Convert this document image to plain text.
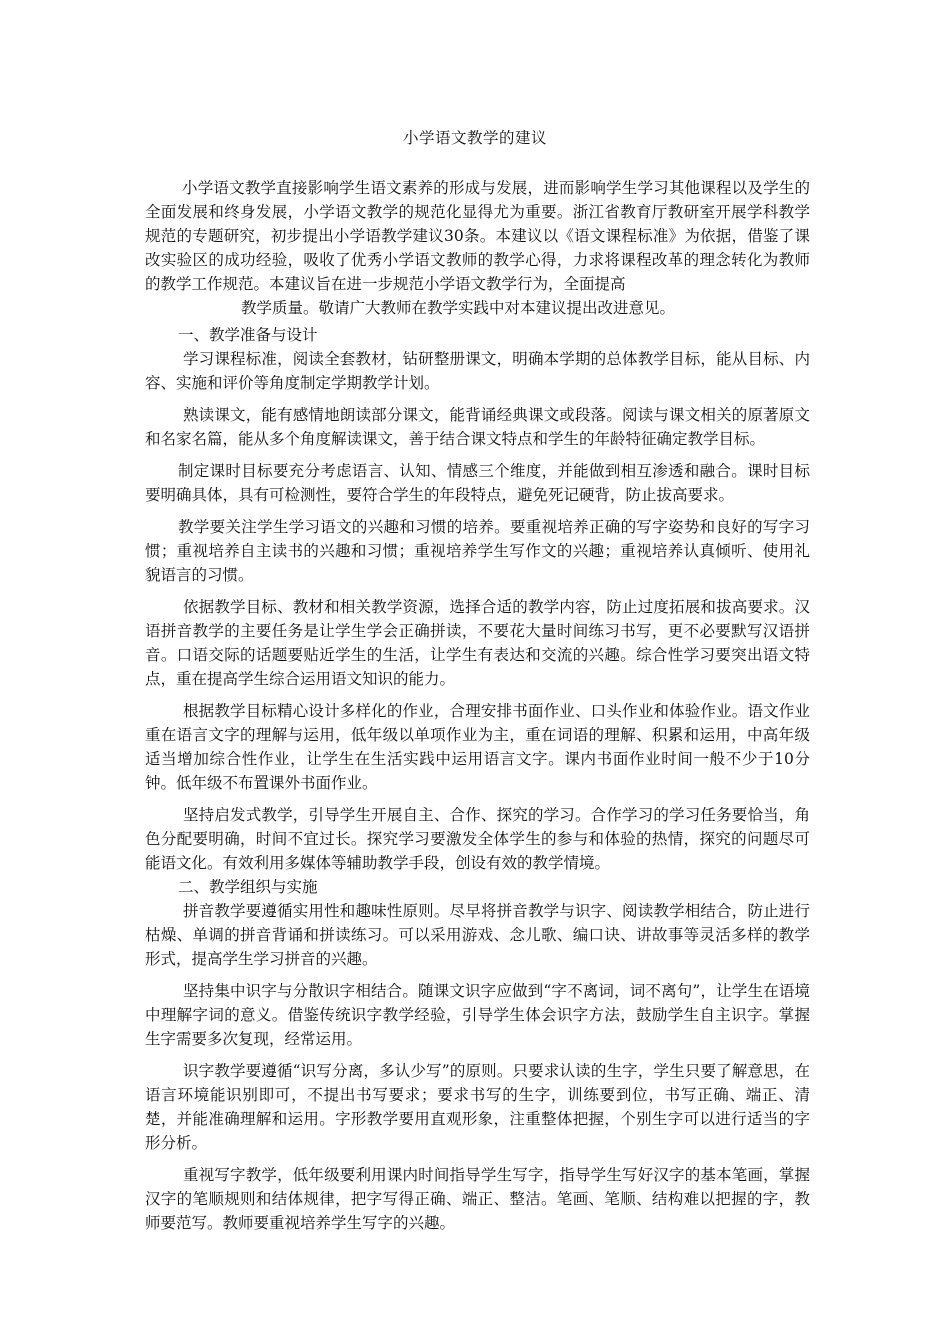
小学语文教学的建议

小学语文教学直接影响学生语文素养的形成与发展，进而影响学生学习其他课程以及学生的全面发展和终身发展，小学语文教学的规范化显得尤为重要。浙江省教育厅教研室开展学科教学规范的专题研究，初步提出小学语教学建议30条。本建议以《语文课程标准》为依据，借鉴了课改实验区的成功经验，吸收了优秀小学语文教师的教学心得，力求将课程改革的理念转化为教师的教学工作规范。本建议旨在进一步规范小学语文教学行为，全面提高

教学质量。敬请广大教师在教学实践中对本建议提出改进意见。

一、教学准备与设计

学习课程标准，阅读全套教材，钻研整册课文，明确本学期的总体教学目标，能从目标、内容、实施和评价等角度制定学期教学计划。

熟读课文，能有感情地朗读部分课文，能背诵经典课文或段落。阅读与课文相关的原著原文和名家名篇，能从多个角度解读课文，善于结合课文特点和学生的年龄特征确定教学目标。

制定课时目标要充分考虑语言、认知、情感三个维度，并能做到相互渗透和融合。课时目标要明确具体，具有可检测性，要符合学生的年段特点，避免死记硬背，防止拔高要求。

教学要关注学生学习语文的兴趣和习惯的培养。要重视培养正确的写字姿势和良好的写字习惯；重视培养自主读书的兴趣和习惯；重视培养学生写作文的兴趣；重视培养认真倾听、使用礼貌语言的习惯。

依据教学目标、教材和相关教学资源，选择合适的教学内容，防止过度拓展和拔高要求。汉语拼音教学的主要任务是让学生学会正确拼读，不要花大量时间练习书写，更不必要默写汉语拼音。口语交际的话题要贴近学生的生活，让学生有表达和交流的兴趣。综合性学习要突出语文特点，重在提高学生综合运用语文知识的能力。

根据教学目标精心设计多样化的作业，合理安排书面作业、口头作业和体验作业。语文作业重在语言文字的理解与运用，低年级以单项作业为主，重在词语的理解、积累和运用，中高年级适当增加综合性作业，让学生在生活实践中运用语言文字。课内书面作业时间一般不少于10分钟。低年级不布置课外书面作业。

坚持启发式教学，引导学生开展自主、合作、探究的学习。合作学习的学习任务要恰当，角色分配要明确，时间不宜过长。探究学习要激发全体学生的参与和体验的热情，探究的问题尽可能语文化。有效利用多媒体等辅助教学手段，创设有效的教学情境。

二、教学组织与实施

拼音教学要遵循实用性和趣味性原则。尽早将拼音教学与识字、阅读教学相结合，防止进行枯燥、单调的拼音背诵和拼读练习。可以采用游戏、念儿歌、编口诀、讲故事等灵活多样的教学形式，提高学生学习拼音的兴趣。

坚持集中识字与分散识字相结合。随课文识字应做到“字不离词，词不离句”，让学生在语境中理解字词的意义。借鉴传统识字教学经验，引导学生体会识字方法，鼓励学生自主识字。掌握生字需要多次复现，经常运用。

识字教学要遵循“识写分离，多认少写”的原则。只要求认读的生字，学生只要了解意思，在语言环境能识别即可，不提出书写要求；要求书写的生字，训练要到位，书写正确、端正、清楚，并能准确理解和运用。字形教学要用直观形象，注重整体把握，个别生字可以进行适当的字形分析。

重视写字教学，低年级要利用课内时间指导学生写字，指导学生写好汉字的基本笔画，掌握汉字的笔顺规则和结体规律，把字写得正确、端正、整洁。笔画、笔顺、结构难以把握的字，教师要范写。教师要重视培养学生写字的兴趣。
